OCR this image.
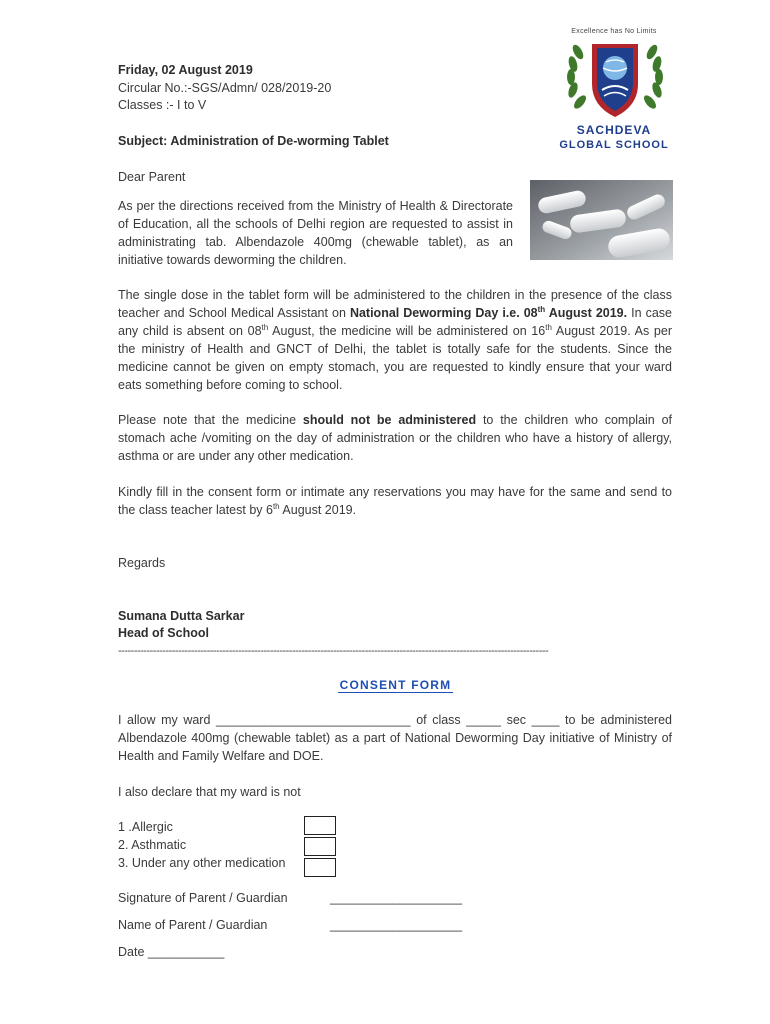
Friday, 02 August 2019
Circular No.:-SGS/Admn/ 028/2019-20
Classes :- I to V
Subject: Administration of De-worming Tablet
Excellence has No Limits
SACHDEVA
GLOBAL SCHOOL
Dear Parent
As per the directions received from the Ministry of Health & Directorate of Education, all the schools of Delhi region are requested to assist in administrating tab. Albendazole 400mg (chewable tablet), as an initiative towards deworming the children.
The single dose in the tablet form will be administered to the children in the presence of the class teacher and School Medical Assistant on National Deworming Day i.e. 08th August 2019. In case any child is absent on 08th August, the medicine will be administered on 16th August 2019. As per the ministry of Health and GNCT of Delhi, the tablet is totally safe for the students. Since the medicine cannot be given on empty stomach, you are requested to kindly ensure that your ward eats something before coming to school.
Please note that the medicine should not be administered to the children who complain of stomach ache /vomiting on the day of administration or the children who have a history of allergy, asthma or are under any other medication.
Kindly fill in the consent form or intimate any reservations you may have for the same and send to the class teacher latest by 6th August 2019.
Regards
Sumana Dutta Sarkar
Head of School
----------------------------------------------------------------------------------------------------------------------------------------
CONSENT FORM
I allow my ward ____________________________ of class _____ sec ____ to be administered Albendazole 400mg (chewable tablet) as a part of National Deworming Day initiative of Ministry of Health and Family Welfare and DOE.
I also declare that my ward is not
1 .Allergic
2. Asthmatic
3. Under any other medication
Signature of Parent / Guardian	___________________
Name of Parent / Guardian	___________________
Date ___________
